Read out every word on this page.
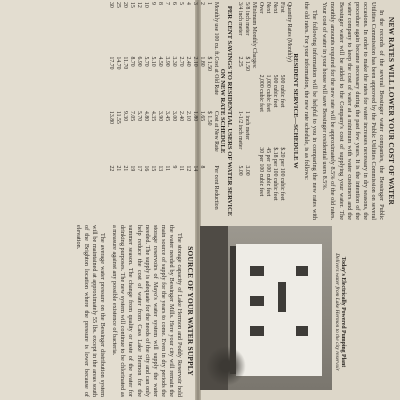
SOURCE OF YOUR WATER SUPPLY

The storage capacity of Lake Hermon and Poddy Reservoir hold the water needed by Bessinger Mills. Here your city will remain the main source of supply for the years to come. Even in dry periods the storage reservoirs of Mayo's water system will supply the water needed. The supply is adequate for the needs of the city and can only help reduce the cost of water from Cass Lake Hermon for the summer season. The change from quality or taste of the water for drinking purposes. The new system will continue to be chlorinated as a measure against any possible existence of bacteria.

The average water pressure on the Bessinger distribution system will be maintained at approximately 55 lbs. except in the areas south of the Brighton location where the pressure is lower because of elevation.

NEW RATES WILL LOWER YOUR COST OF WATER

In the records of the several Bessinger water companies, the Bessinger Public Utilities Commission has been approved by the Public Utilities Commission on several occasions. In order to make the rates for water increases necessary in dry seasons, the procedure again became necessary during the past few years. It is the intention of the water company to keep the cost of water at a minimum with water customers and the Bessinger water will be added to the Company's cost of supplying your water. The monthly amounts required for the new rate will be approximately 8.5% of the old rates. Your cost of water in your house will save Bessinger residential users 8.5%.

The following information will be helpful to you in comparing the new rates with the old rates. For your information, the new rate schedule, is as follows:

RESIDENT SERVICE—SCHEDULE W

Quantity Rates (Monthly)

First
500 cubic feet
$.20 per 100 cubic feet
Next
500 cubic feet
$.18 per 100 cubic feet
Next
1,000 cubic feet
45 per 100 cubic feet
Over
2,000 cubic feet
30 per 100 cubic feet

Minimum Monthly Charges:

5/8 inch meter
$ 1.50
1 inch meter
3.00
3/4 inch meter
2.25
1-1/2 inch meter
5.00

PER CENT SAVINGS TO RESIDENTIAL USERS OF WATER SERVICE ON NEW RATE SCHEDULE

Monthly use 100 cu. ft.
Cost at Old Rate
Cost at New Rate
Per cent Reduction
1
$ 1.50
$ 1.50
2
1.80
1.65
8
3
2.10
1.80
14
4
2.40
2.10
12
5
2.70
2.40
11
6
3.30
3.00
9
7
3.90
3.45
11
8
4.50
3.90
13
9
5.10
4.35
15
10
5.70
4.80
16
12
6.90
5.70
17
15
8.70
7.05
19
20
11.70
9.30
21
25
14.70
11.55
21
30
17.70
13.80
22

Today's Electrically Powered Pumping Plant

Delivers water from Lake Hermon to the city reservoir
